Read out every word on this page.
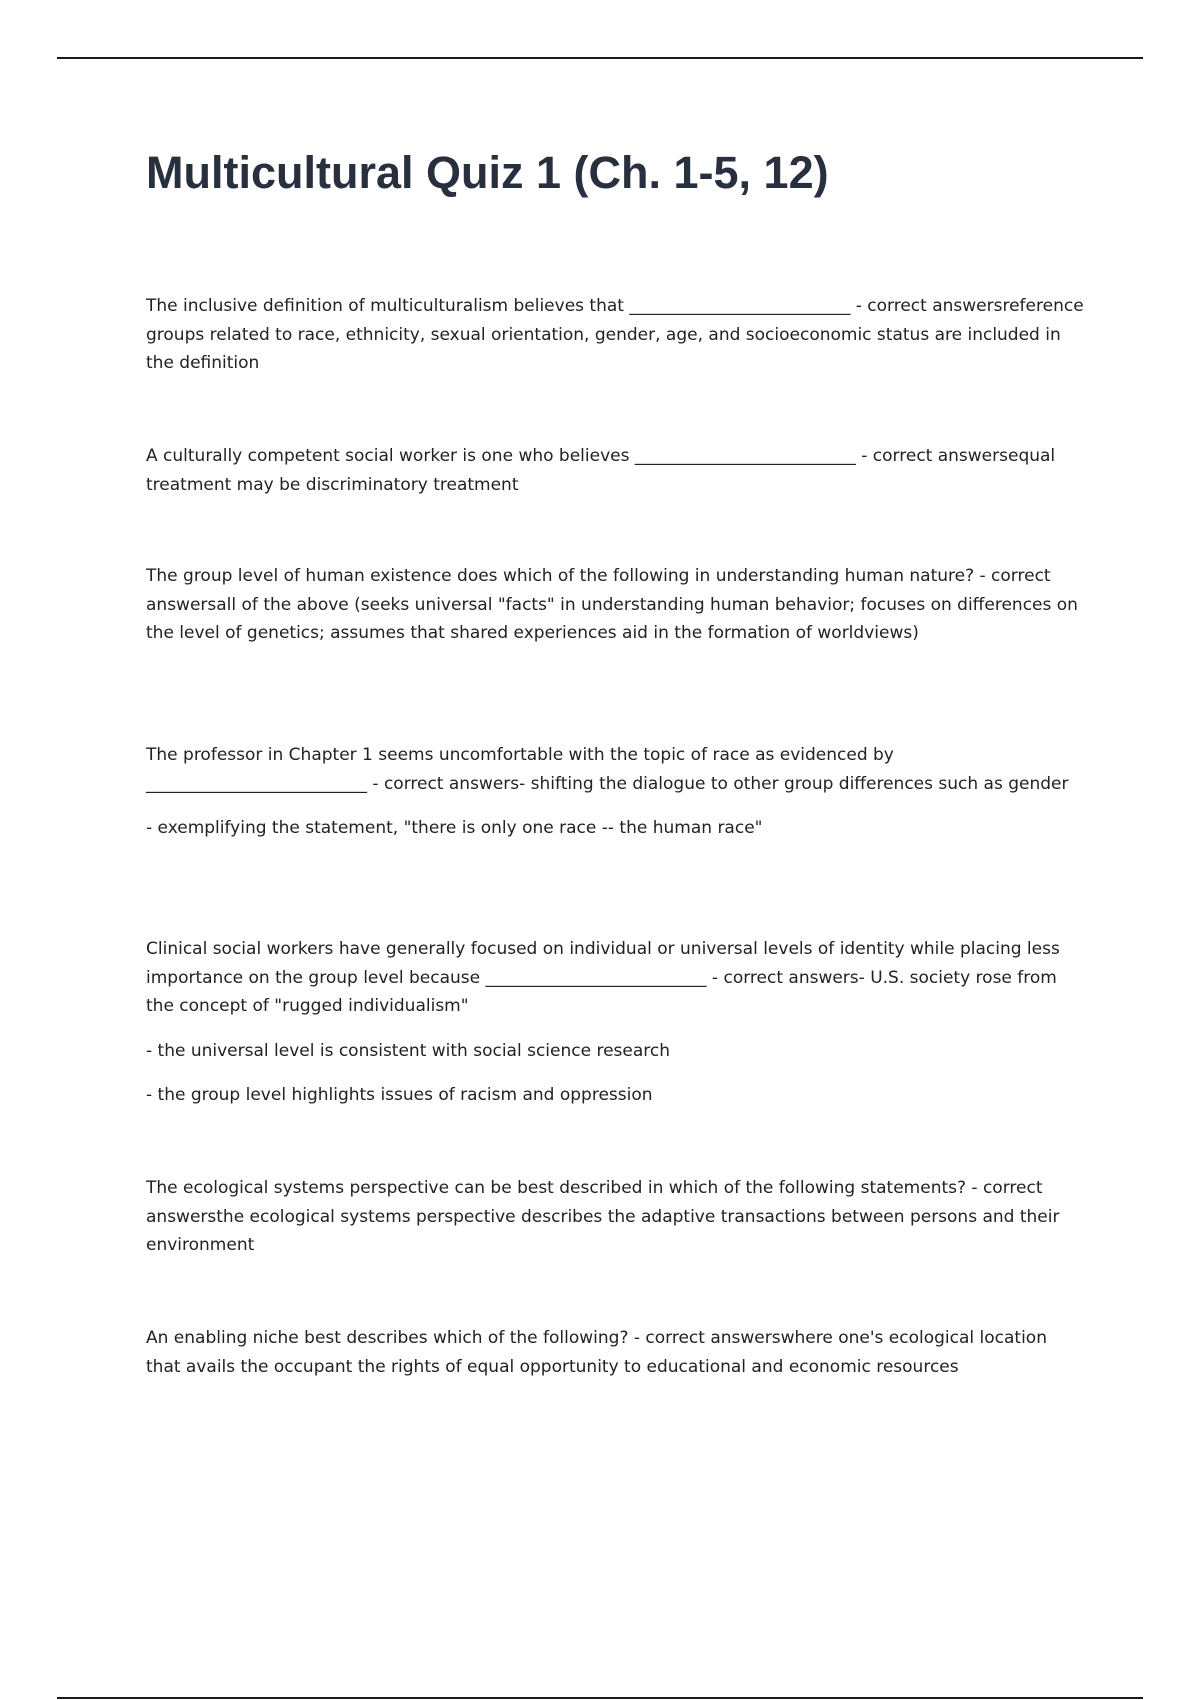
Multicultural Quiz 1 (Ch. 1-5, 12)

The inclusive definition of multiculturalism believes that __________________________ - correct answersreference groups related to race, ethnicity, sexual orientation, gender, age, and socioeconomic status are included in the definition

A culturally competent social worker is one who believes __________________________ - correct answersequal treatment may be discriminatory treatment

The group level of human existence does which of the following in understanding human nature? - correct answersall of the above (seeks universal "facts" in understanding human behavior; focuses on differences on the level of genetics; assumes that shared experiences aid in the formation of worldviews)

The professor in Chapter 1 seems uncomfortable with the topic of race as evidenced by __________________________ - correct answers- shifting the dialogue to other group differences such as gender

- exemplifying the statement, "there is only one race -- the human race"

Clinical social workers have generally focused on individual or universal levels of identity while placing less importance on the group level because __________________________ - correct answers- U.S. society rose from the concept of "rugged individualism"

- the universal level is consistent with social science research

- the group level highlights issues of racism and oppression

The ecological systems perspective can be best described in which of the following statements? - correct answersthe ecological systems perspective describes the adaptive transactions between persons and their environment

An enabling niche best describes which of the following? - correct answerswhere one's ecological location that avails the occupant the rights of equal opportunity to educational and economic resources
